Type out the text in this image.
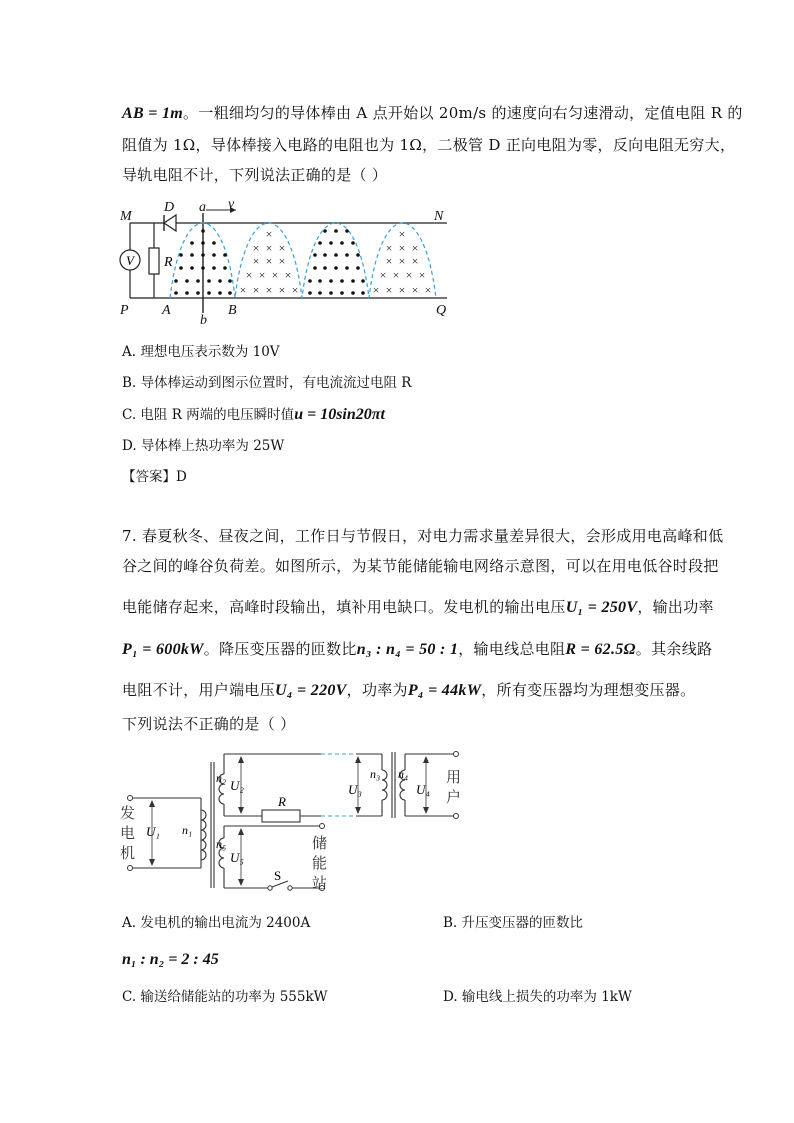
AB = 1m。一粗细均匀的导体棒由 A 点开始以 20m/s 的速度向右匀速滑动，定值电阻 R 的
阻值为 1Ω，导体棒接入电路的电阻也为 1Ω，二极管 D 正向电阻为零，反向电阻无穷大，
导轨电阻不计，下列说法正确的是（ ）
V R
×
× × ×
× × ×
× × × ×
× × × × ×
×
× × ×
× × ×
× × × ×
× × × × ×
M	N
P	Q
D a v
b
A	B
A. 理想电压表示数为 10V
B. 导体棒运动到图示位置时，有电流流过电阻 R
C. 电阻 R 两端的电压瞬时值u = 10sin20πt
D. 导体棒上热功率为 25W
【答案】D
7. 春夏秋冬、昼夜之间，工作日与节假日，对电力需求量差异很大，会形成用电高峰和低
谷之间的峰谷负荷差。如图所示，为某节能储能输电网络示意图，可以在用电低谷时段把
电能储存起来，高峰时段输出，填补用电缺口。发电机的输出电压U₁ = 250V，输出功率
P₁ = 600kW。降压变压器的匝数比n₃ : n₄ = 50 : 1，输电线总电阻R = 62.5Ω。其余线路
电阻不计，用户端电压U₄ = 220V，功率为P₄ = 44kW，所有变压器均为理想变压器。
下列说法不正确的是（ ）
发
电
机
U₁ n₁
n₂
R
U₂
n₃
U₃
n₄
U₄
用
户
n₅
S
U₅
储
能
站
A. 发电机的输出电流为 2400A	B. 升压变压器的匝数比
n₁ : n₂ = 2 : 45
C. 输送给储能站的功率为 555kW	D. 输电线上损失的功率为 1kW
